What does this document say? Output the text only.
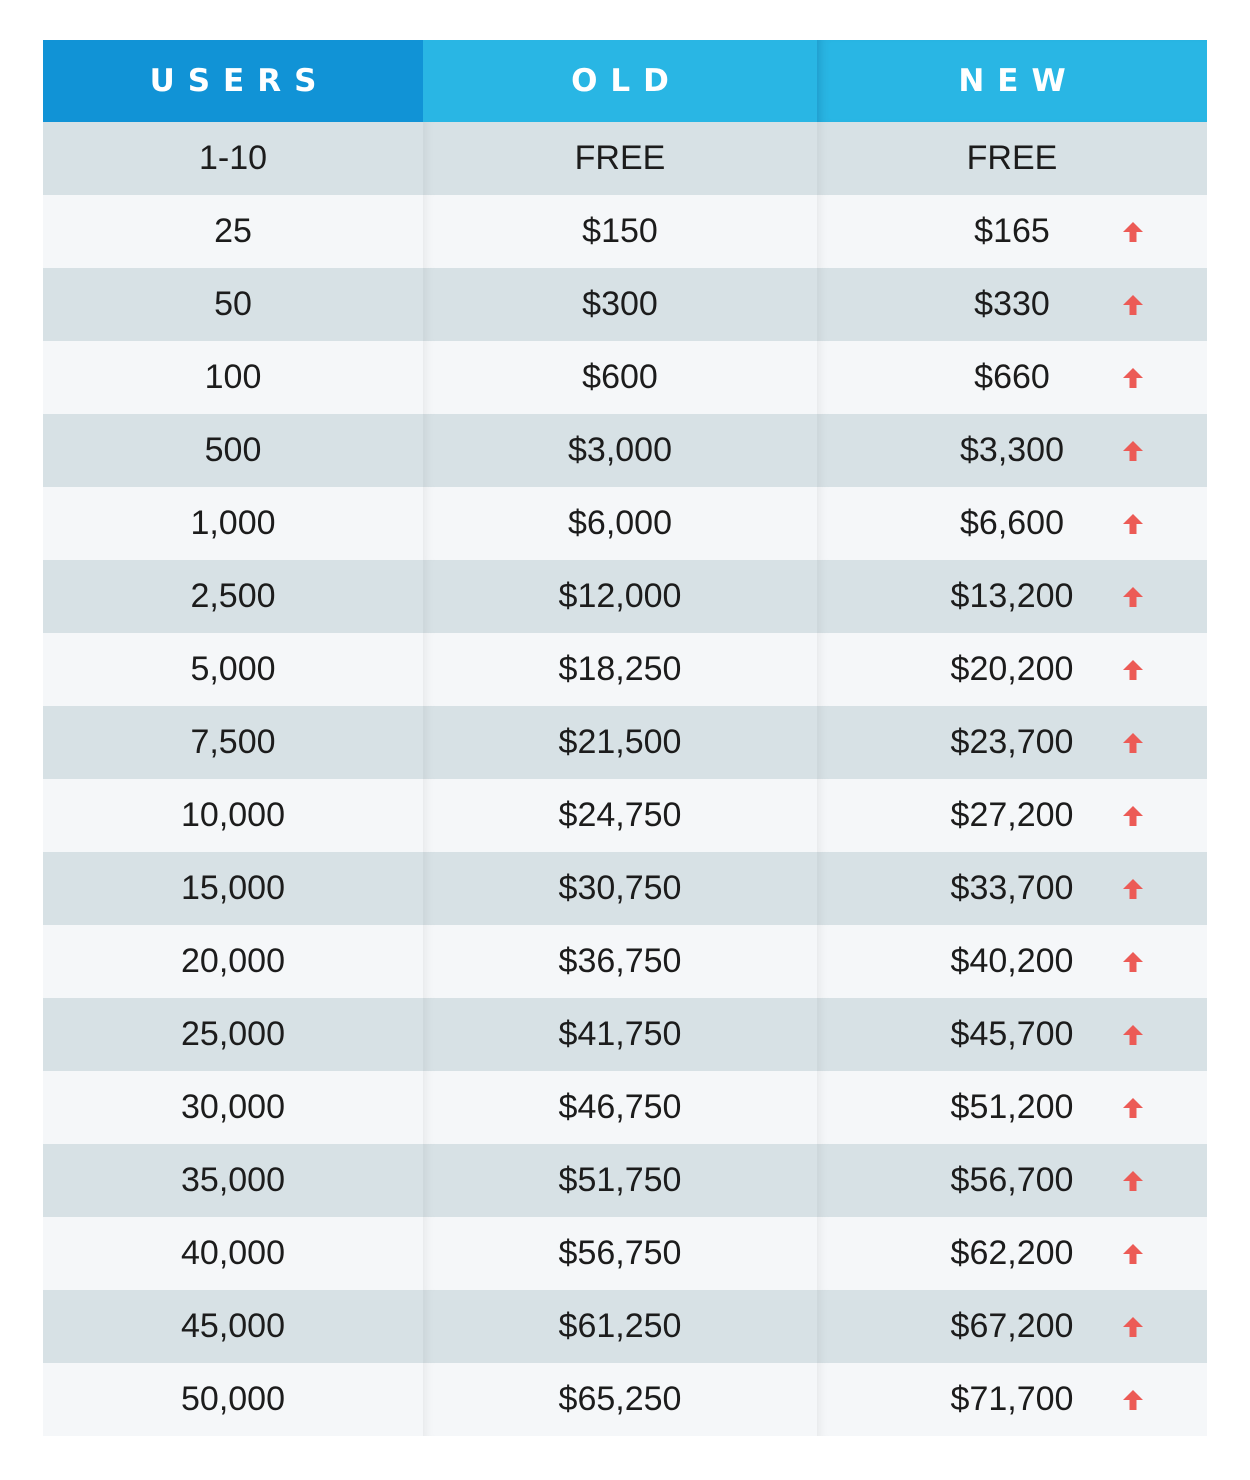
USERS	OLD	NEW
1-10	FREE	FREE
25	$150	$165

50	$300	$330

100	$600	$660

500	$3,000	$3,300

1,000	$6,000	$6,600

2,500	$12,000	$13,200

5,000	$18,250	$20,200

7,500	$21,500	$23,700

10,000	$24,750	$27,200

15,000	$30,750	$33,700

20,000	$36,750	$40,200

25,000	$41,750	$45,700

30,000	$46,750	$51,200

35,000	$51,750	$56,700

40,000	$56,750	$62,200

45,000	$61,250	$67,200

50,000	$65,250	$71,700
